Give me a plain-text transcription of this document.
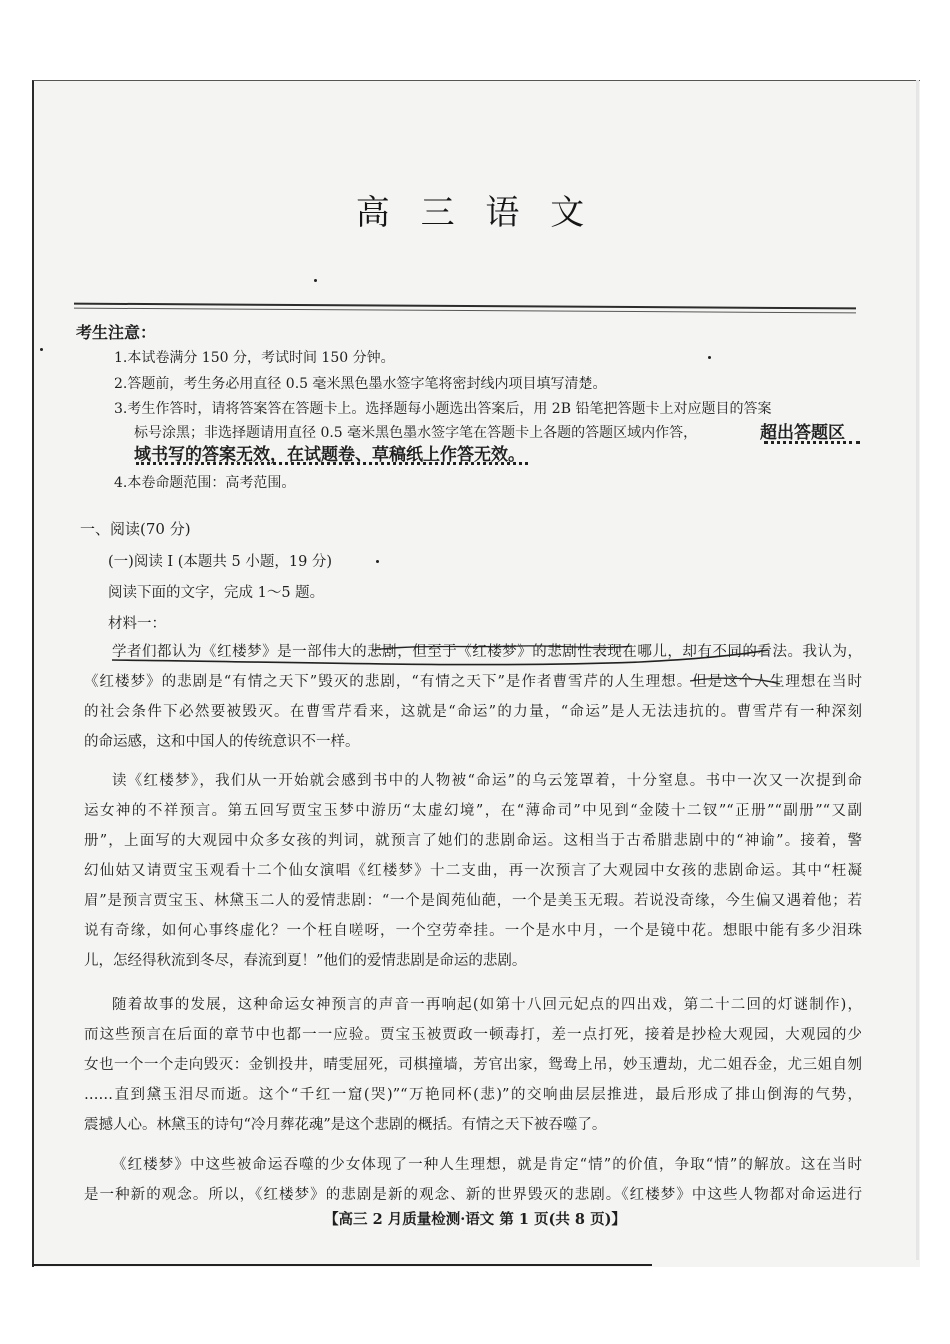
高 三 语 文
考生注意：
1.本试卷满分 150 分，考试时间 150 分钟。
2.答题前，考生务必用直径 0.5 毫米黑色墨水签字笔将密封线内项目填写清楚。
3.考生作答时，请将答案答在答题卡上。选择题每小题选出答案后，用 2B 铅笔把答题卡上对应题目的答案
标号涂黑；非选择题请用直径 0.5 毫米黑色墨水签字笔在答题卡上各题的答题区域内作答，	超出答题区
域书写的答案无效，在试题卷、草稿纸上作答无效。
4.本卷命题范围：高考范围。
一、阅读(70 分)
(一)阅读 I (本题共 5 小题，19 分)
阅读下面的文字，完成 1～5 题。
材料一：
学者们都认为《红楼梦》是一部伟大的悲剧，但至于《红楼梦》的悲剧性表现在哪儿，却有不同的看法。我认为，
《红楼梦》的悲剧是“有情之天下”毁灭的悲剧，“有情之天下”是作者曹雪芹的人生理想。但是这个人生理想在当时
的社会条件下必然要被毁灭。在曹雪芹看来，这就是“命运”的力量，“命运”是人无法违抗的。曹雪芹有一种深刻
的命运感，这和中国人的传统意识不一样。
读《红楼梦》，我们从一开始就会感到书中的人物被“命运”的乌云笼罩着，十分窒息。书中一次又一次提到命
运女神的不祥预言。第五回写贾宝玉梦中游历“太虚幻境”，在“薄命司”中见到“金陵十二钗”“正册”“副册”“又副
册”，上面写的大观园中众多女孩的判词，就预言了她们的悲剧命运。这相当于古希腊悲剧中的“神谕”。接着，警
幻仙姑又请贾宝玉观看十二个仙女演唱《红楼梦》十二支曲，再一次预言了大观园中女孩的悲剧命运。其中“枉凝
眉”是预言贾宝玉、林黛玉二人的爱情悲剧：“一个是阆苑仙葩，一个是美玉无瑕。若说没奇缘，今生偏又遇着他；若
说有奇缘，如何心事终虚化？一个枉自嗟呀，一个空劳牵挂。一个是水中月，一个是镜中花。想眼中能有多少泪珠
儿，怎经得秋流到冬尽，春流到夏！”他们的爱情悲剧是命运的悲剧。
随着故事的发展，这种命运女神预言的声音一再响起(如第十八回元妃点的四出戏，第二十二回的灯谜制作)，
而这些预言在后面的章节中也都一一应验。贾宝玉被贾政一顿毒打，差一点打死，接着是抄检大观园，大观园的少
女也一个一个走向毁灭：金钏投井，晴雯屈死，司棋撞墙，芳官出家，鸳鸯上吊，妙玉遭劫，尤二姐吞金，尤三姐自刎
……直到黛玉泪尽而逝。这个“千红一窟(哭)”“万艳同杯(悲)”的交响曲层层推进，最后形成了排山倒海的气势，
震撼人心。林黛玉的诗句“冷月葬花魂”是这个悲剧的概括。有情之天下被吞噬了。
《红楼梦》中这些被命运吞噬的少女体现了一种人生理想，就是肯定“情”的价值，争取“情”的解放。这在当时
是一种新的观念。所以，《红楼梦》的悲剧是新的观念、新的世界毁灭的悲剧。《红楼梦》中这些人物都对命运进行
【高三 2 月质量检测·语文 第 1 页(共 8 页)】
